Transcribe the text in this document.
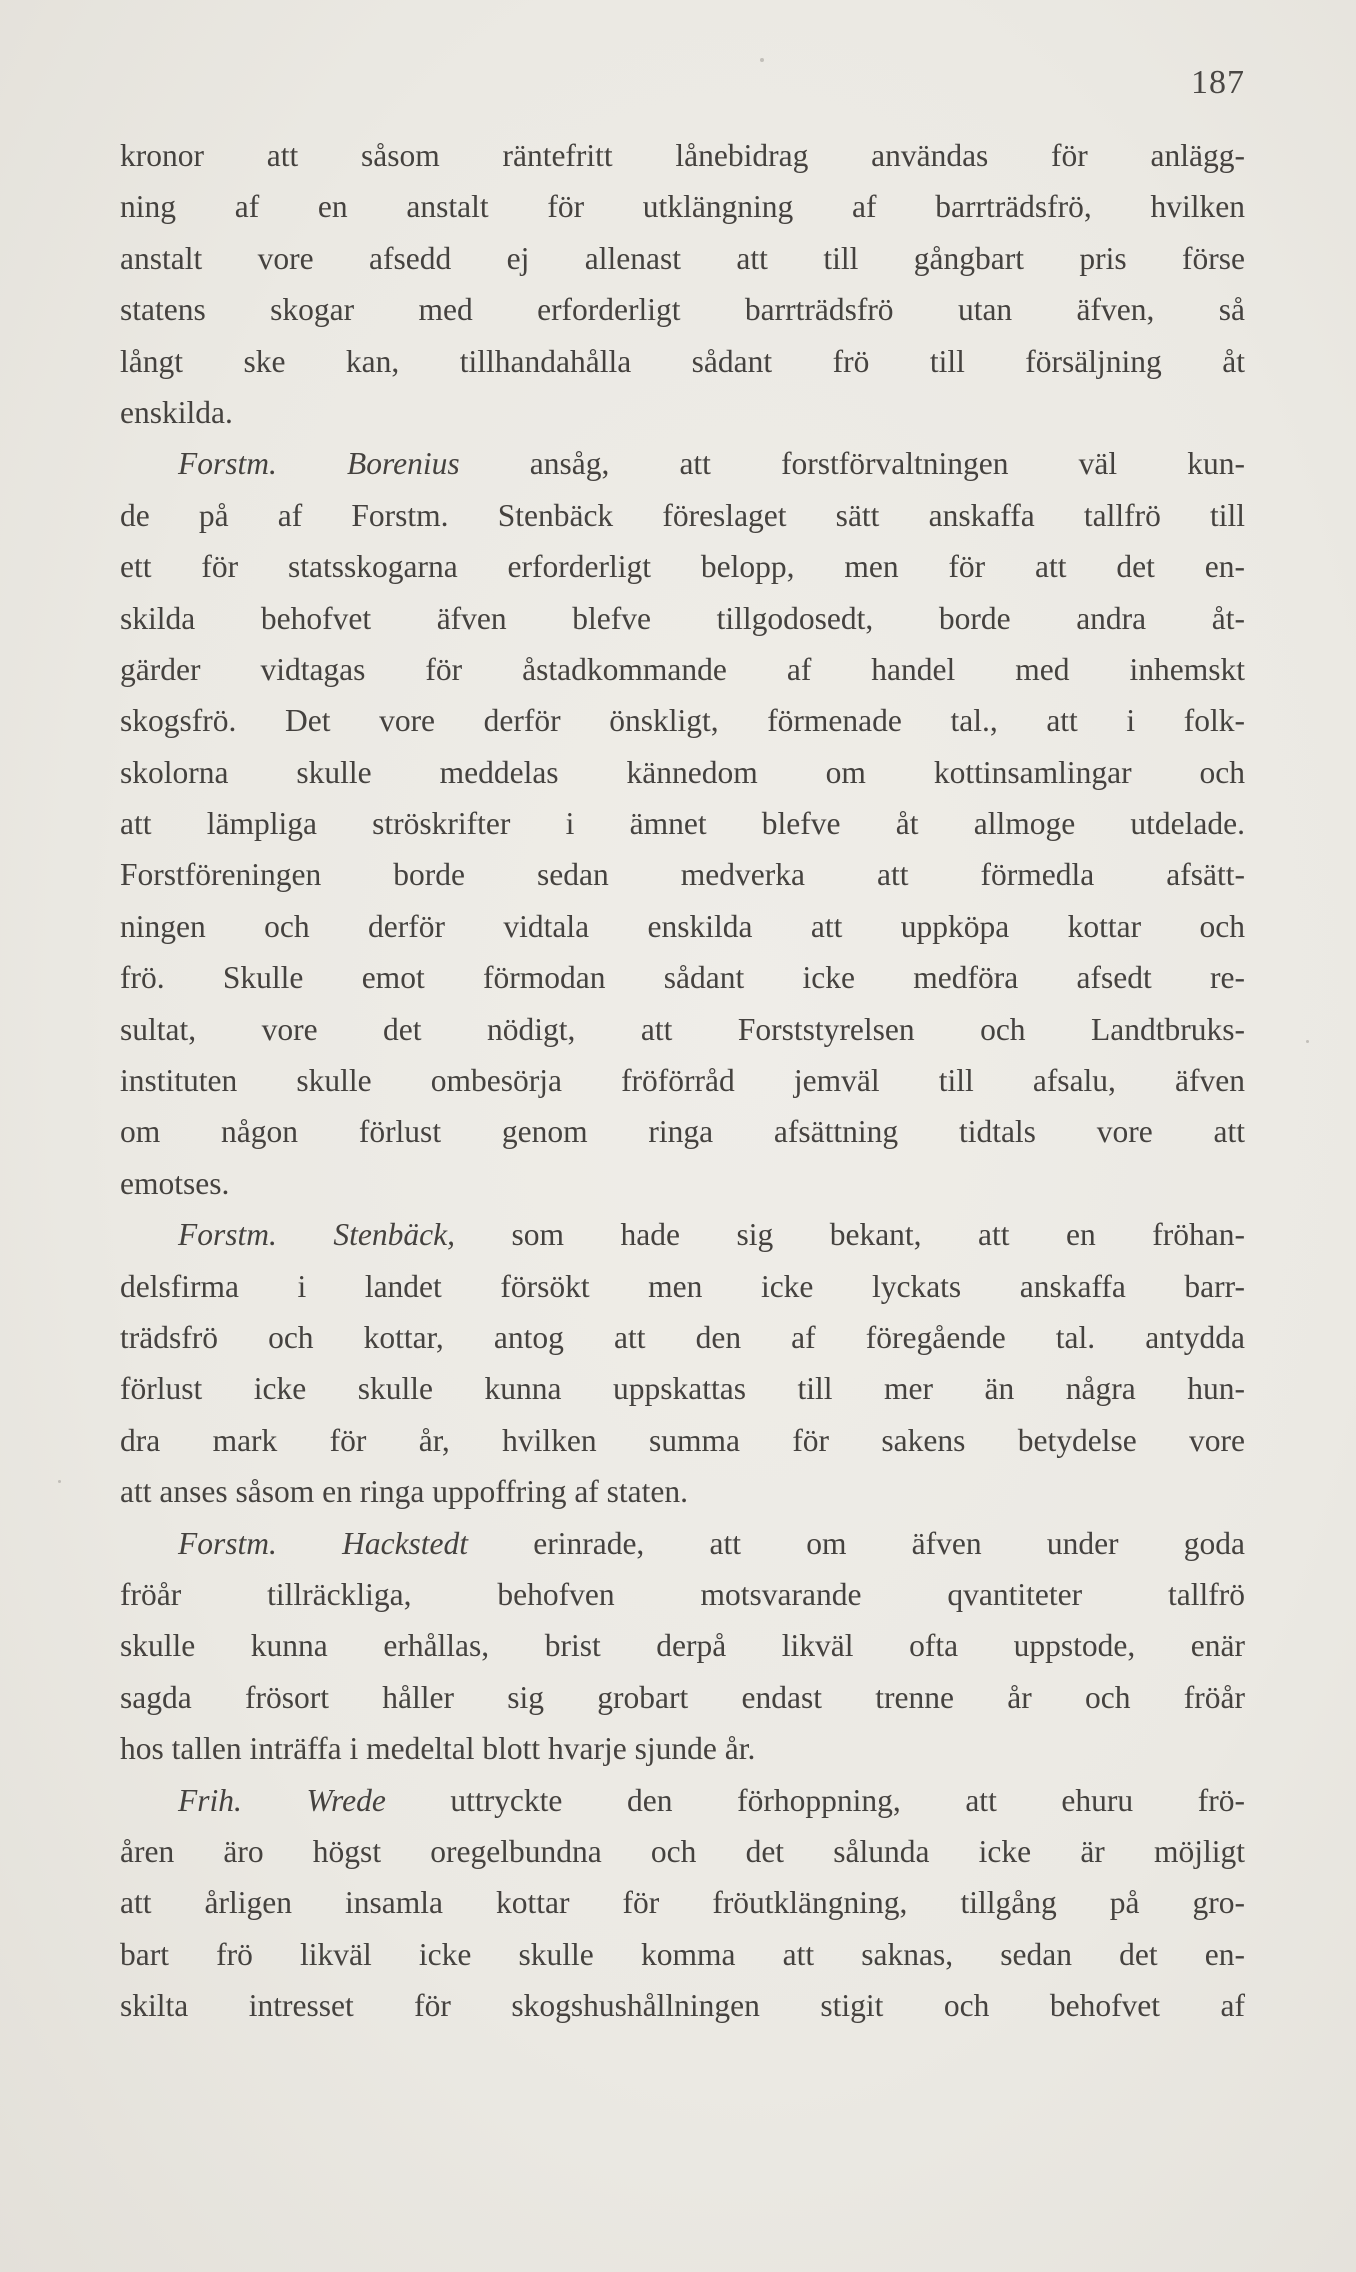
187
kronor att såsom räntefritt lånebidrag användas för anlägg-
ning af en anstalt för utklängning af barrträdsfrö, hvilken
anstalt vore afsedd ej allenast att till gångbart pris förse
statens skogar med erforderligt barrträdsfrö utan äfven, så
långt ske kan, tillhandahålla sådant frö till försäljning åt
enskilda.
Forstm. Borenius ansåg, att forstförvaltningen väl kun-
de på af Forstm. Stenbäck föreslaget sätt anskaffa tallfrö till
ett för statsskogarna erforderligt belopp, men för att det en-
skilda behofvet äfven blefve tillgodosedt, borde andra åt-
gärder vidtagas för åstadkommande af handel med inhemskt
skogsfrö. Det vore derför önskligt, förmenade tal., att i folk-
skolorna skulle meddelas kännedom om kottinsamlingar och
att lämpliga ströskrifter i ämnet blefve åt allmoge utdelade.
Forstföreningen borde sedan medverka att förmedla afsätt-
ningen och derför vidtala enskilda att uppköpa kottar och
frö. Skulle emot förmodan sådant icke medföra afsedt re-
sultat, vore det nödigt, att Forststyrelsen och Landtbruks-
instituten skulle ombesörja fröförråd jemväl till afsalu, äfven
om någon förlust genom ringa afsättning tidtals vore att
emotses.
Forstm. Stenbäck, som hade sig bekant, att en fröhan-
delsfirma i landet försökt men icke lyckats anskaffa barr-
trädsfrö och kottar, antog att den af föregående tal. antydda
förlust icke skulle kunna uppskattas till mer än några hun-
dra mark för år, hvilken summa för sakens betydelse vore
att anses såsom en ringa uppoffring af staten.
Forstm. Hackstedt erinrade, att om äfven under goda
fröår tillräckliga, behofven motsvarande qvantiteter tallfrö
skulle kunna erhållas, brist derpå likväl ofta uppstode, enär
sagda frösort håller sig grobart endast trenne år och fröår
hos tallen inträffa i medeltal blott hvarje sjunde år.
Frih. Wrede uttryckte den förhoppning, att ehuru frö-
åren äro högst oregelbundna och det sålunda icke är möjligt
att årligen insamla kottar för fröutklängning, tillgång på gro-
bart frö likväl icke skulle komma att saknas, sedan det en-
skilta intresset för skogshushållningen stigit och behofvet af
